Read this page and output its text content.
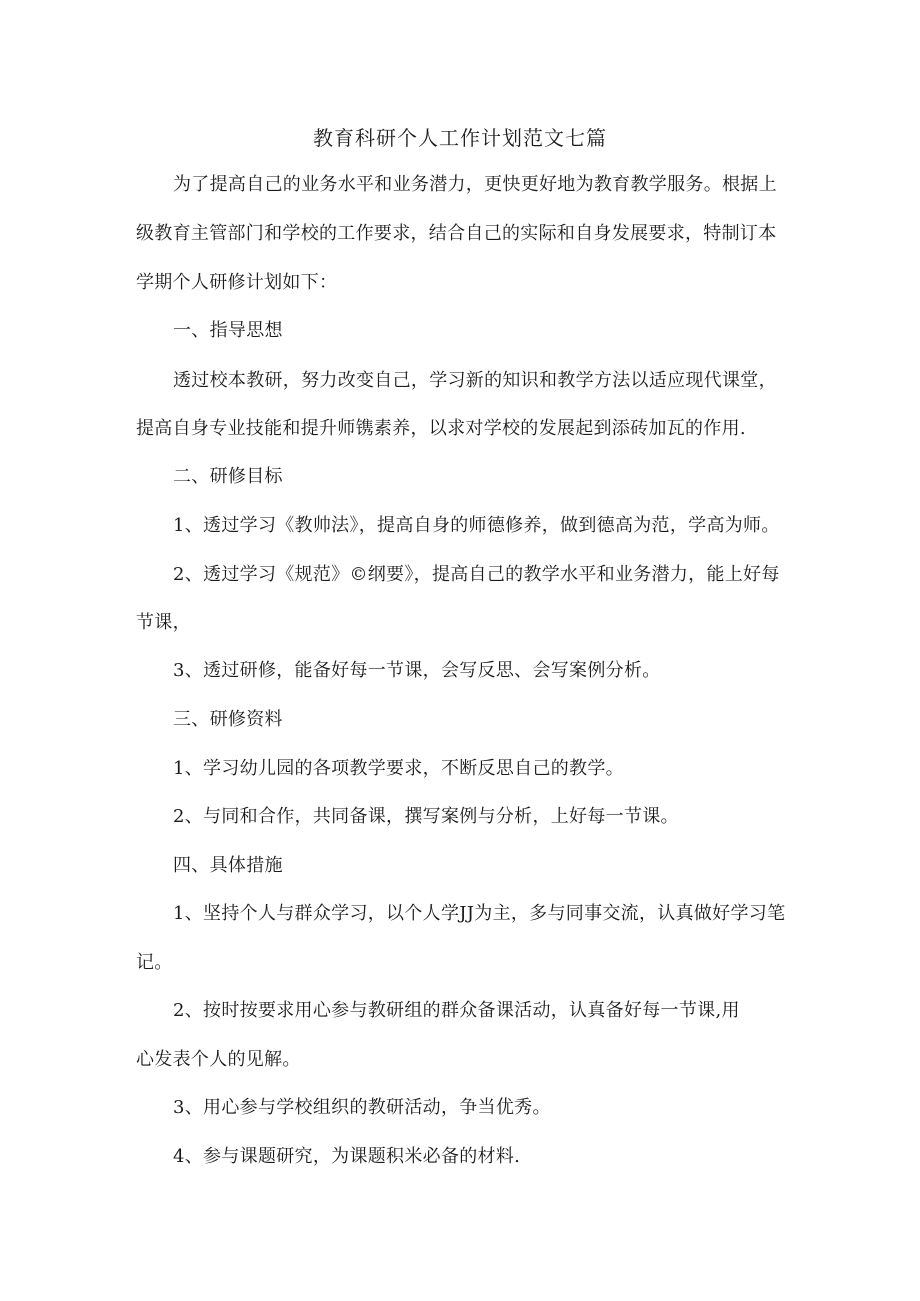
教育科研个人工作计划范文七篇
为了提高自己的业务水平和业务潜力，更快更好地为教育教学服务。根据上
级教育主管部门和学校的工作要求，结合自己的实际和自身发展要求，特制订本
学期个人研修计划如下：
一、指导思想
透过校本教研，努力改变自己，学习新的知识和教学方法以适应现代课堂，
提高自身专业技能和提升师镌素养，以求对学校的发展起到添砖加瓦的作用.
二、研修目标
1、透过学习《教帅法》，提高自身的师德修养，做到德高为范，学高为师。
2、透过学习《规范》©纲要》，提高自己的教学水平和业务潜力，能上好每
节课，
3、透过研修，能备好每一节课，会写反思、会写案例分析。
三、研修资料
1、学习幼儿园的各项教学要求，不断反思自己的教学。
2、与同和合作，共同备课，撰写案例与分析，上好每一节课。
四、具体措施
1、坚持个人与群众学习，以个人学JJ为主，多与同事交流，认真做好学习笔
记。
2、按时按要求用心参与教研组的群众备课活动，认真备好每一节课,用
心发表个人的见解。
3、用心参与学校组织的教研活动，争当优秀。
4、参与课题研究，为课题积米必备的材料.
